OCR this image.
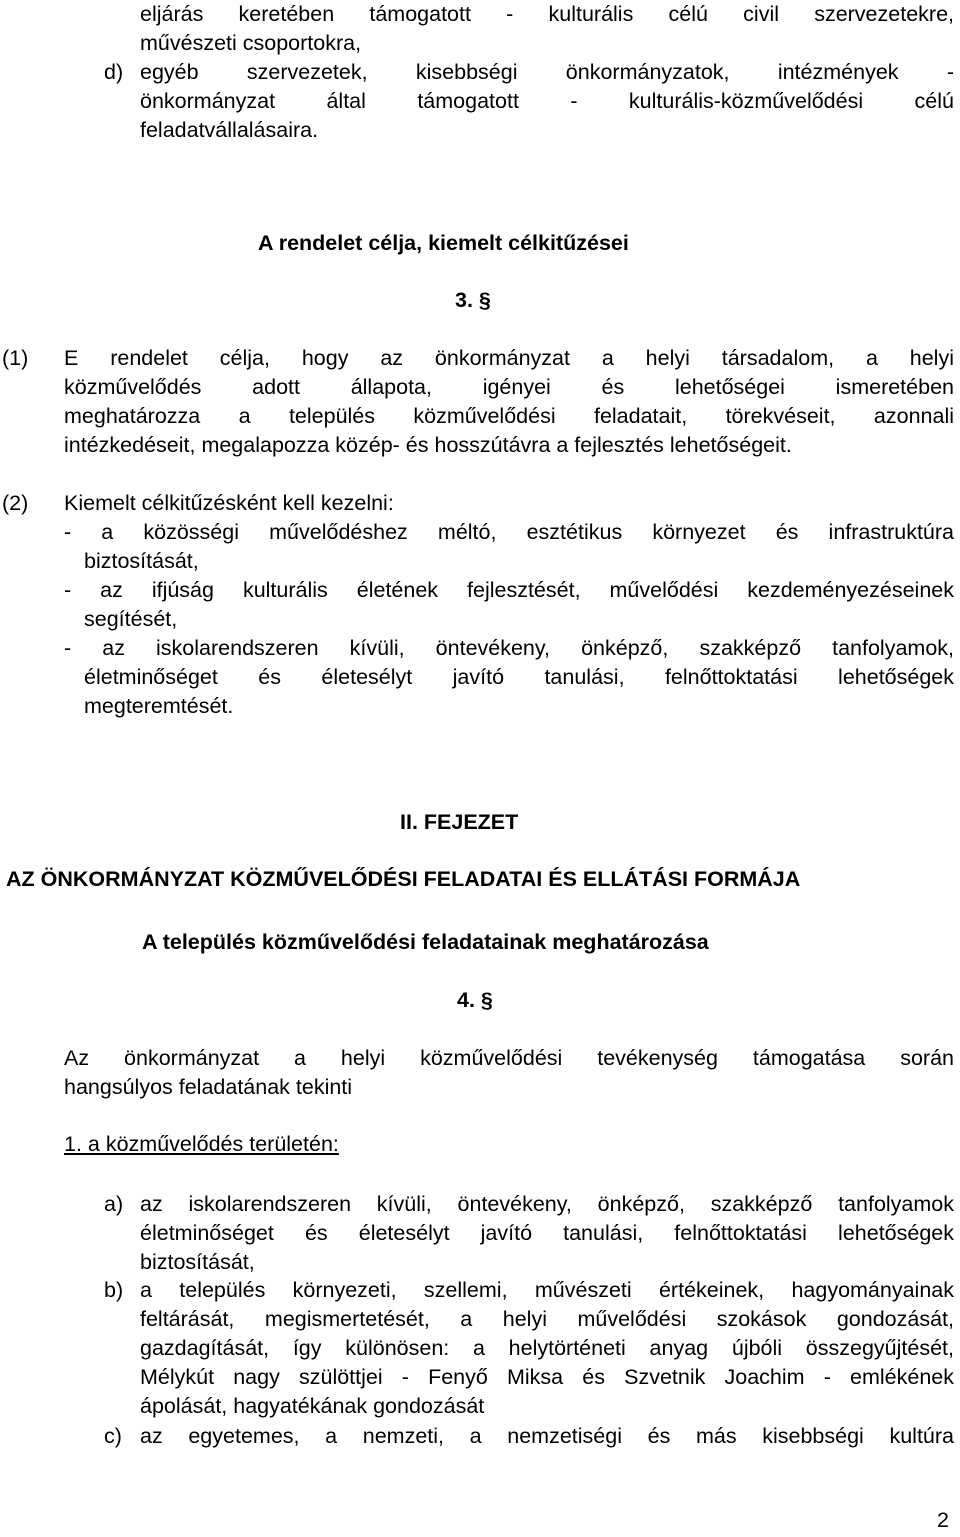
eljárás keretében támogatott - kulturális célú civil szervezetekre,
művészeti csoportokra,
d) egyéb szervezetek, kisebbségi önkormányzatok, intézmények -
önkormányzat által támogatott - kulturális-közművelődési célú
feladatvállalásaira.
A rendelet célja, kiemelt célkitűzései
3. §
(1) E rendelet célja, hogy az önkormányzat a helyi társadalom, a helyi
közművelődés adott állapota, igényei és lehetőségei ismeretében
meghatározza a település közművelődési feladatait, törekvéseit, azonnali
intézkedéseit, megalapozza közép- és hosszútávra a fejlesztés lehetőségeit.
(2) Kiemelt célkitűzésként kell kezelni:
- a közösségi művelődéshez méltó, esztétikus környezet és infrastruktúra
biztosítását,
- az ifjúság kulturális életének fejlesztését, művelődési kezdeményezéseinek
segítését,
- az iskolarendszeren kívüli, öntevékeny, önképző, szakképző tanfolyamok,
életminőséget és életesélyt javító tanulási, felnőttoktatási lehetőségek
megteremtését.
II. FEJEZET
AZ ÖNKORMÁNYZAT KÖZMŰVELŐDÉSI FELADATAI ÉS ELLÁTÁSI FORMÁJA
A település közművelődési feladatainak meghatározása
4. §
Az önkormányzat a helyi közművelődési tevékenység támogatása során
hangsúlyos feladatának tekinti
1. a közművelődés területén:
a) az iskolarendszeren kívüli, öntevékeny, önképző, szakképző tanfolyamok
életminőséget és életesélyt javító tanulási, felnőttoktatási lehetőségek
biztosítását,
b) a település környezeti, szellemi, művészeti értékeinek, hagyományainak
feltárását, megismertetését, a helyi művelődési szokások gondozását,
gazdagítását, így különösen: a helytörténeti anyag újbóli összegyűjtését,
Mélykút nagy szülöttjei - Fenyő Miksa és Szvetnik Joachim - emlékének
ápolását, hagyatékának gondozását
c) az egyetemes, a nemzeti, a nemzetiségi és más kisebbségi kultúra
2
